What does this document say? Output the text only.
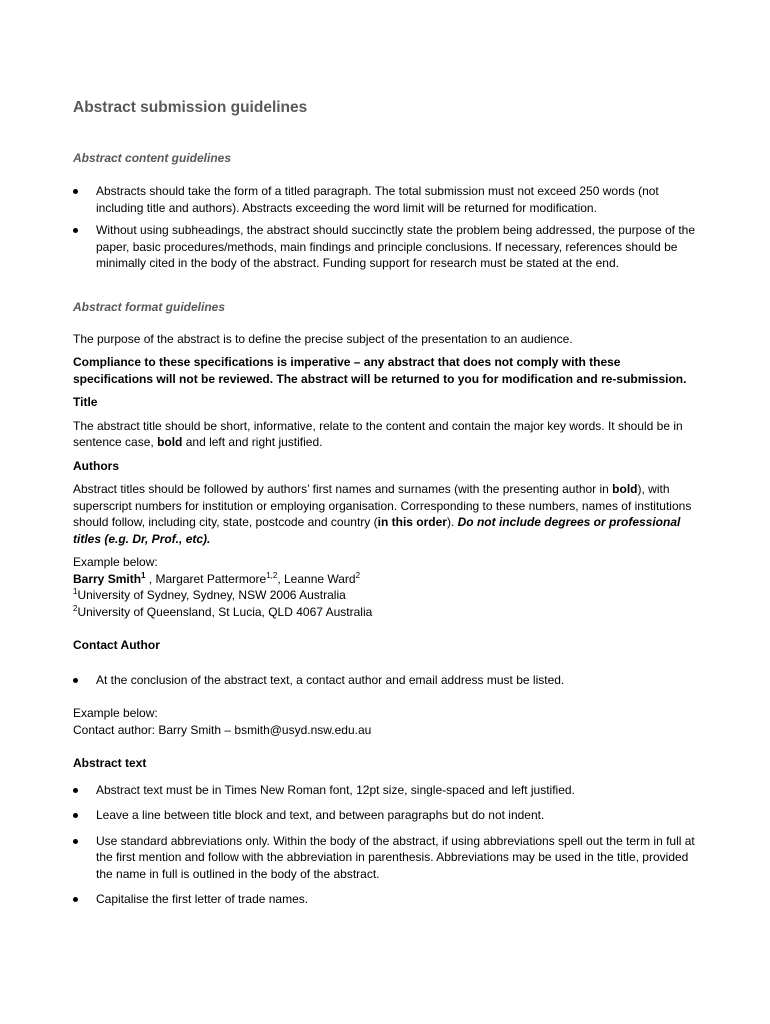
Abstract submission guidelines
Abstract content guidelines
Abstracts should take the form of a titled paragraph. The total submission must not exceed 250 words (not including title and authors). Abstracts exceeding the word limit will be returned for modification.
Without using subheadings, the abstract should succinctly state the problem being addressed, the purpose of the paper, basic procedures/methods, main findings and principle conclusions. If necessary, references should be minimally cited in the body of the abstract. Funding support for research must be stated at the end.
Abstract format guidelines

The purpose of the abstract is to define the precise subject of the presentation to an audience.

Compliance to these specifications is imperative – any abstract that does not comply with these specifications will not be reviewed. The abstract will be returned to you for modification and re-submission.

Title

The abstract title should be short, informative, relate to the content and contain the major key words. It should be in sentence case, bold and left and right justified.

Authors

Abstract titles should be followed by authors’ first names and surnames (with the presenting author in bold), with superscript numbers for institution or employing organisation. Corresponding to these numbers, names of institutions should follow, including city, state, postcode and country (in this order). Do not include degrees or professional titles (e.g. Dr, Prof., etc).

Example below:

Barry Smith$^1$ , Margaret Pattermore$^{1,2}$, Leanne Ward$^2$

$^1$University of Sydney, Sydney, NSW 2006 Australia

$^2$University of Queensland, St Lucia, QLD 4067 Australia

Contact Author

At the conclusion of the abstract text, a contact author and email address must be listed.

Example below:

Contact author: Barry Smith – bsmith@usyd.nsw.edu.au

Abstract text

Abstract text must be in Times New Roman font, 12pt size, single-spaced and left justified.
Leave a line between title block and text, and between paragraphs but do not indent.
Use standard abbreviations only. Within the body of the abstract, if using abbreviations spell out the term in full at the first mention and follow with the abbreviation in parenthesis. Abbreviations may be used in the title, provided the name in full is outlined in the body of the abstract.
Capitalise the first letter of trade names.
